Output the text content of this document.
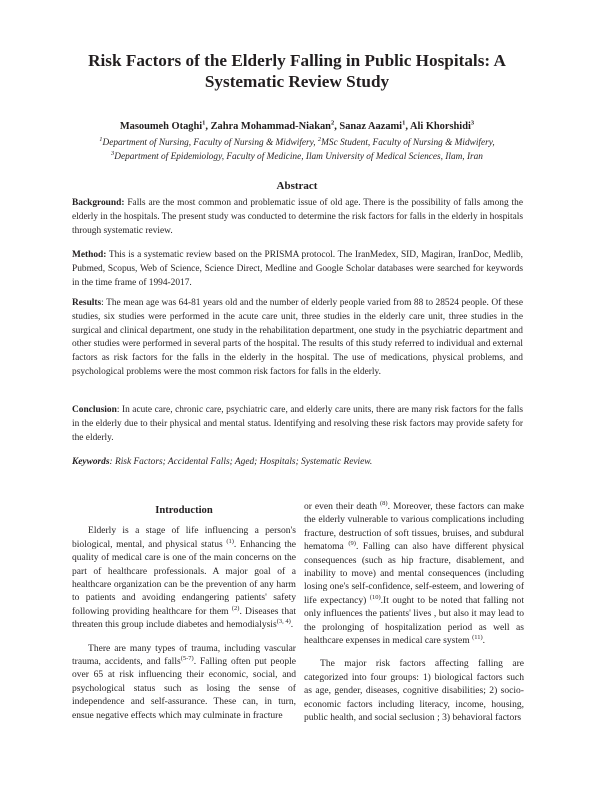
Risk Factors of the Elderly Falling in Public Hospitals: A Systematic Review Study
Masoumeh Otaghi$^1$, Zahra Mohammad-Niakan$^2$, Sanaz Aazami$^1$, Ali Khorshidi$^3$
$^1$Department of Nursing, Faculty of Nursing & Midwifery, $^2$MSc Student, Faculty of Nursing & Midwifery,
$^3$Department of Epidemiology, Faculty of Medicine, Ilam University of Medical Sciences, Ilam, Iran
Abstract

Background: Falls are the most common and problematic issue of old age. There is the possibility of falls among the elderly in the hospitals. The present study was conducted to determine the risk factors for falls in the elderly in hospitals through systematic review.

Method: This is a systematic review based on the PRISMA protocol. The IranMedex, SID, Magiran, IranDoc, Medlib, Pubmed, Scopus, Web of Science, Science Direct, Medline and Google Scholar databases were searched for keywords in the time frame of 1994-2017.

Results: The mean age was 64-81 years old and the number of elderly people varied from 88 to 28524 people. Of these studies, six studies were performed in the acute care unit, three studies in the elderly care unit, three studies in the surgical and clinical department, one study in the rehabilitation department, one study in the psychiatric department and other studies were performed in several parts of the hospital. The results of this study referred to individual and external factors as risk factors for the falls in the elderly in the hospital. The use of medications, physical problems, and psychological problems were the most common risk factors for falls in the elderly.

Conclusion: In acute care, chronic care, psychiatric care, and elderly care units, there are many risk factors for the falls in the elderly due to their physical and mental status. Identifying and resolving these risk factors may provide safety for the elderly.

Keywords: Risk Factors; Accidental Falls; Aged; Hospitals; Systematic Review.

Introduction

Elderly is a stage of life influencing a person's biological, mental, and physical status $^{(1)}$. Enhancing the quality of medical care is one of the main concerns on the part of healthcare professionals. A major goal of a healthcare organization can be the prevention of any harm to patients and avoiding endangering patients' safety following providing healthcare for them $^{(2)}$. Diseases that threaten this group include diabetes and hemodialysis$^{(3, 4)}$.

There are many types of trauma, including vascular trauma, accidents, and falls$^{(5-7)}$. Falling often put people over 65 at risk influencing their economic, social, and psychological status such as losing the sense of independence and self-assurance. These can, in turn, ensue negative effects which may culminate in fracture

or even their death $^{(8)}$. Moreover, these factors can make the elderly vulnerable to various complications including fracture, destruction of soft tissues, bruises, and subdural hematoma $^{(9)}$. Falling can also have different physical consequences (such as hip fracture, disablement, and inability to move) and mental consequences (including losing one's self-confidence, self-esteem, and lowering of life expectancy) $^{(10)}$.It ought to be noted that falling not only influences the patients' lives , but also it may lead to the prolonging of hospitalization period as well as healthcare expenses in medical care system $^{(11)}$.

The major risk factors affecting falling are categorized into four groups: 1) biological factors such as age, gender, diseases, cognitive disabilities; 2) socio-economic factors including literacy, income, housing, public health, and social seclusion ; 3) behavioral factors
